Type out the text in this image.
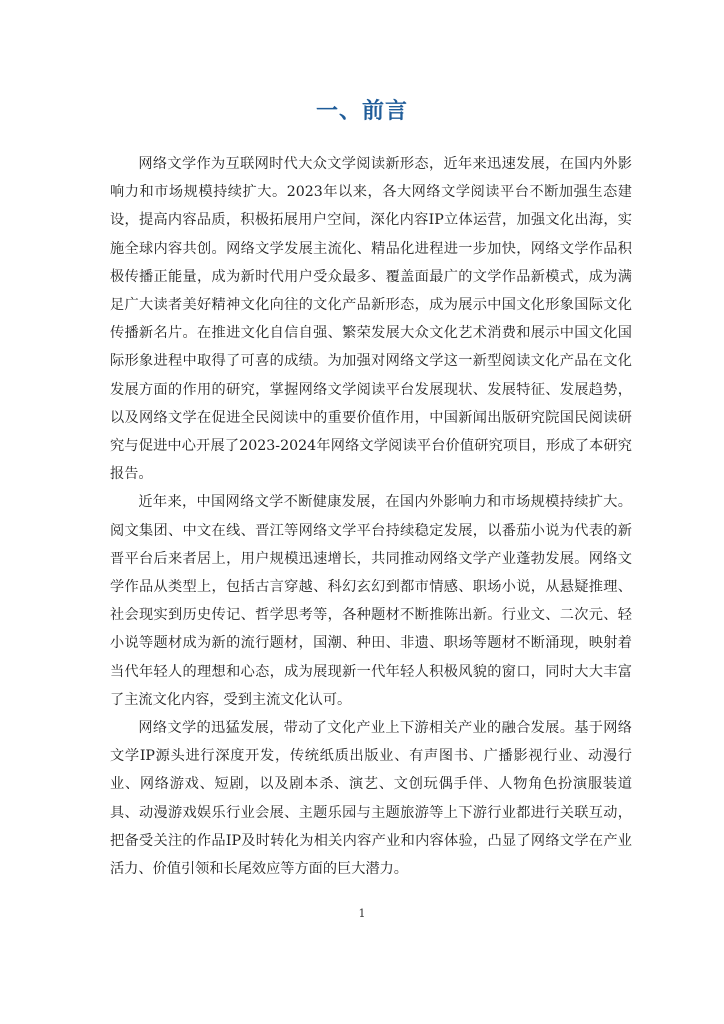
一、前言

网络文学作为互联网时代大众文学阅读新形态，近年来迅速发展，在国内外影响力和市场规模持续扩大。2023年以来，各大网络文学阅读平台不断加强生态建设，提高内容品质，积极拓展用户空间，深化内容IP立体运营，加强文化出海，实施全球内容共创。网络文学发展主流化、精品化进程进一步加快，网络文学作品积极传播正能量，成为新时代用户受众最多、覆盖面最广的文学作品新模式，成为满足广大读者美好精神文化向往的文化产品新形态，成为展示中国文化形象国际文化传播新名片。在推进文化自信自强、繁荣发展大众文化艺术消费和展示中国文化国际形象进程中取得了可喜的成绩。为加强对网络文学这一新型阅读文化产品在文化发展方面的作用的研究，掌握网络文学阅读平台发展现状、发展特征、发展趋势，以及网络文学在促进全民阅读中的重要价值作用，中国新闻出版研究院国民阅读研究与促进中心开展了2023-2024年网络文学阅读平台价值研究项目，形成了本研究报告。

近年来，中国网络文学不断健康发展，在国内外影响力和市场规模持续扩大。阅文集团、中文在线、晋江等网络文学平台持续稳定发展，以番茄小说为代表的新晋平台后来者居上，用户规模迅速增长，共同推动网络文学产业蓬勃发展。网络文学作品从类型上，包括古言穿越、科幻玄幻到都市情感、职场小说，从悬疑推理、社会现实到历史传记、哲学思考等，各种题材不断推陈出新。行业文、二次元、轻小说等题材成为新的流行题材，国潮、种田、非遗、职场等题材不断涌现，映射着当代年轻人的理想和心态，成为展现新一代年轻人积极风貌的窗口，同时大大丰富了主流文化内容，受到主流文化认可。

网络文学的迅猛发展，带动了文化产业上下游相关产业的融合发展。基于网络文学IP源头进行深度开发，传统纸质出版业、有声图书、广播影视行业、动漫行业、网络游戏、短剧，以及剧本杀、演艺、文创玩偶手伴、人物角色扮演服装道具、动漫游戏娱乐行业会展、主题乐园与主题旅游等上下游行业都进行关联互动，把备受关注的作品IP及时转化为相关内容产业和内容体验，凸显了网络文学在产业活力、价值引领和长尾效应等方面的巨大潜力。

1
